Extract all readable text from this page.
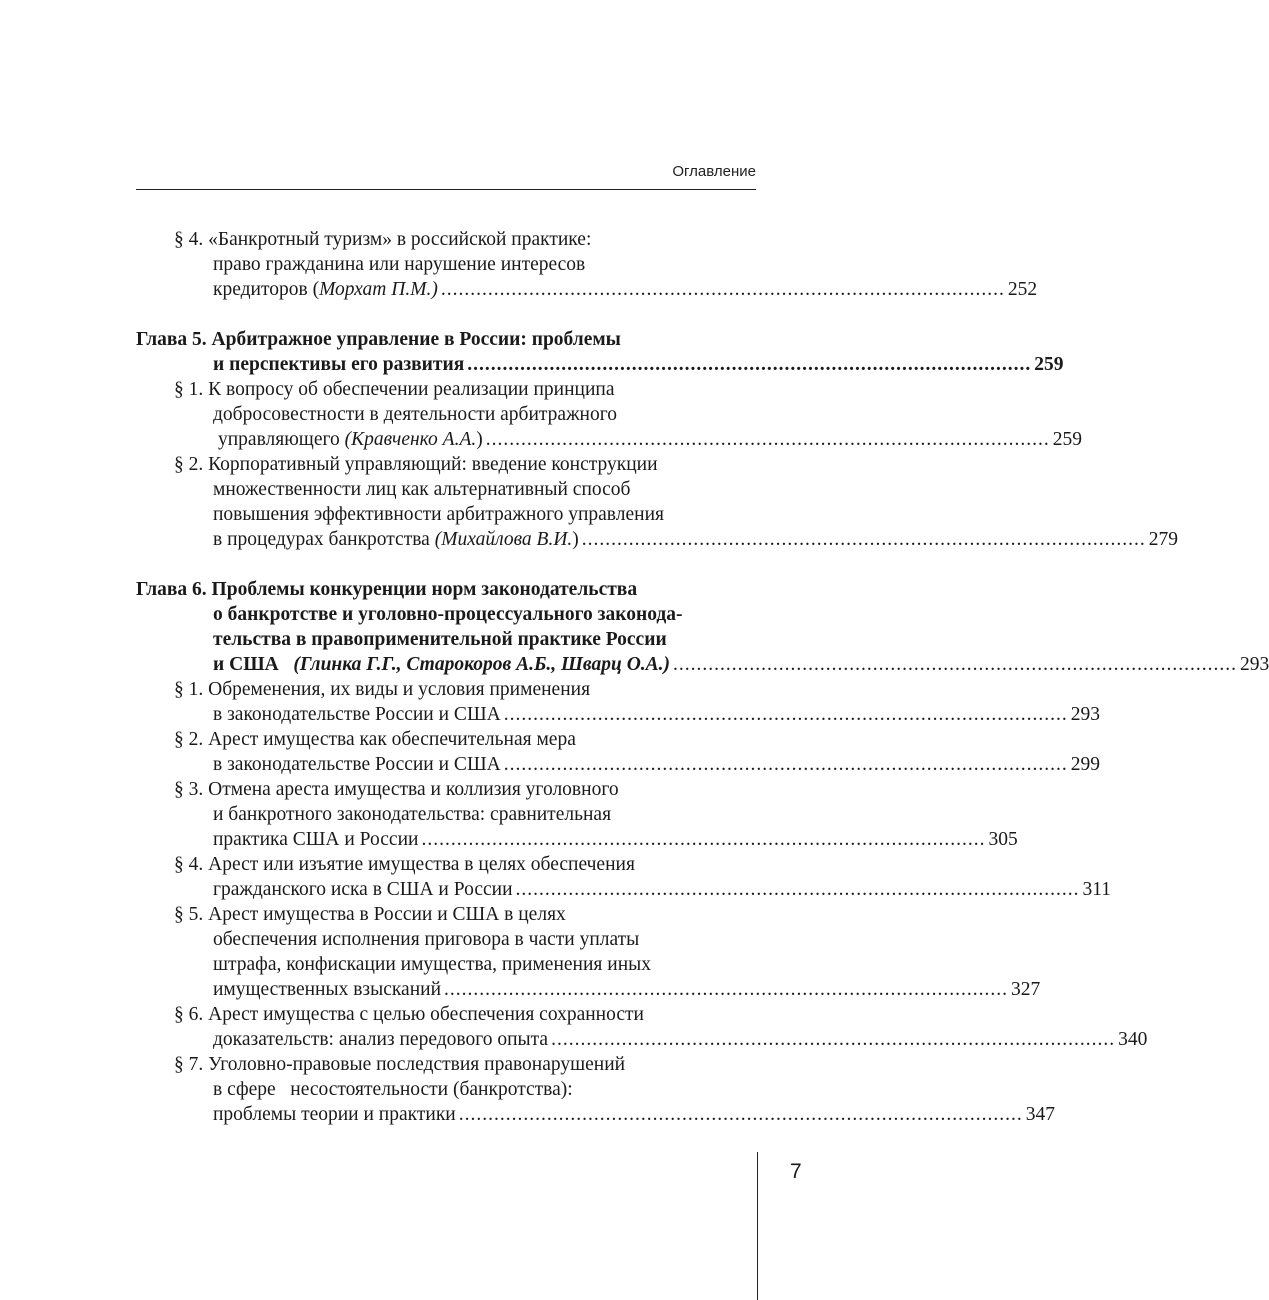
Оглавление
§ 4. «Банкротный туризм» в российской практике:
право гражданина или нарушение интересов
кредиторов (Морхат П.М.) ................................................................................................ 252
Глава 5. Арбитражное управление в России: проблемы
и перспективы его развития ................................................................................................ 259
§ 1. К вопросу об обеспечении реализации принципа
добросовестности в деятельности арбитражного
управляющего (Кравченко А.А.) ................................................................................................ 259
§ 2. Корпоративный управляющий: введение конструкции
множественности лиц как альтернативный способ
повышения эффективности арбитражного управления
в процедурах банкротства (Михайлова В.И.) ................................................................................................ 279
Глава 6. Проблемы конкуренции норм законодательства
о банкротстве и уголовно-процессуального законода-
тельства в правоприменительной практике России
и США (Глинка Г.Г., Старокоров А.Б., Шварц О.А.) ................................................................................................ 293
§ 1. Обременения, их виды и условия применения
в законодательстве России и США ................................................................................................ 293
§ 2. Арест имущества как обеспечительная мера
в законодательстве России и США ................................................................................................ 299
§ 3. Отмена ареста имущества и коллизия уголовного
и банкротного законодательства: сравнительная
практика США и России ................................................................................................ 305
§ 4. Арест или изъятие имущества в целях обеспечения
гражданского иска в США и России ................................................................................................ 311
§ 5. Арест имущества в России и США в целях
обеспечения исполнения приговора в части уплаты
штрафа, конфискации имущества, применения иных
имущественных взысканий ................................................................................................ 327
§ 6. Арест имущества с целью обеспечения сохранности
доказательств: анализ передового опыта ................................................................................................ 340
§ 7. Уголовно-правовые последствия правонарушений
в сфере   несостоятельности (банкротства):
проблемы теории и практики ................................................................................................ 347
7
